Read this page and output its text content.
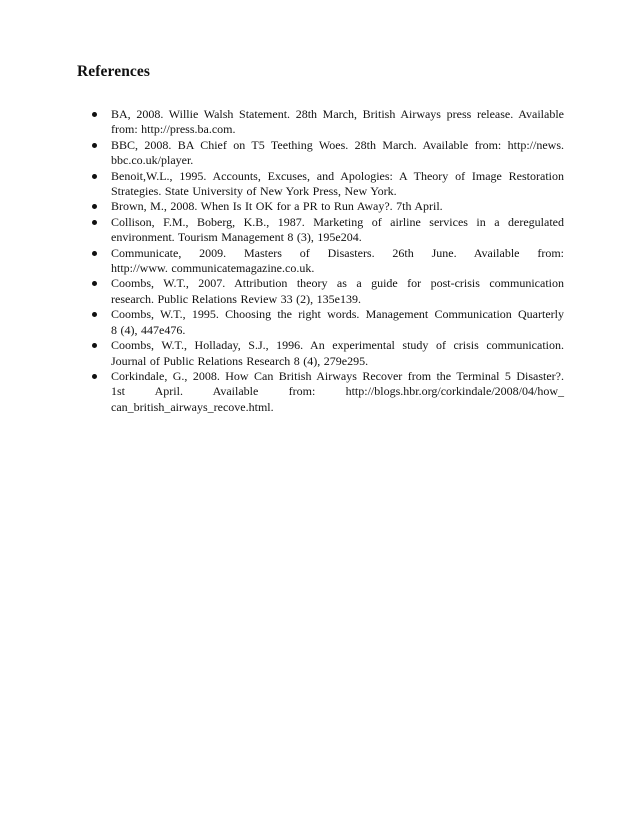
References
BA, 2008. Willie Walsh Statement. 28th March, British Airways press release. Available
from: http://press.ba.com.
BBC, 2008. BA Chief on T5 Teething Woes. 28th March. Available from: http://news.
bbc.co.uk/player.
Benoit,W.L., 1995. Accounts, Excuses, and Apologies: A Theory of Image Restoration
Strategies. State University of New York Press, New York.
Brown, M., 2008. When Is It OK for a PR to Run Away?. 7th April.
Collison, F.M., Boberg, K.B., 1987. Marketing of airline services in a deregulated
environment. Tourism Management 8 (3), 195e204.
Communicate, 2009. Masters of Disasters. 26th June. Available from:
http://www. communicatemagazine.co.uk.
Coombs, W.T., 2007. Attribution theory as a guide for post-crisis communication
research. Public Relations Review 33 (2), 135e139.
Coombs, W.T., 1995. Choosing the right words. Management Communication Quarterly
8 (4), 447e476.
Coombs, W.T., Holladay, S.J., 1996. An experimental study of crisis communication.
Journal of Public Relations Research 8 (4), 279e295.
Corkindale, G., 2008. How Can British Airways Recover from the Terminal 5 Disaster?.
1st April. Available from: http://blogs.hbr.org/corkindale/2008/04/how_
can_british_airways_recove.html.
